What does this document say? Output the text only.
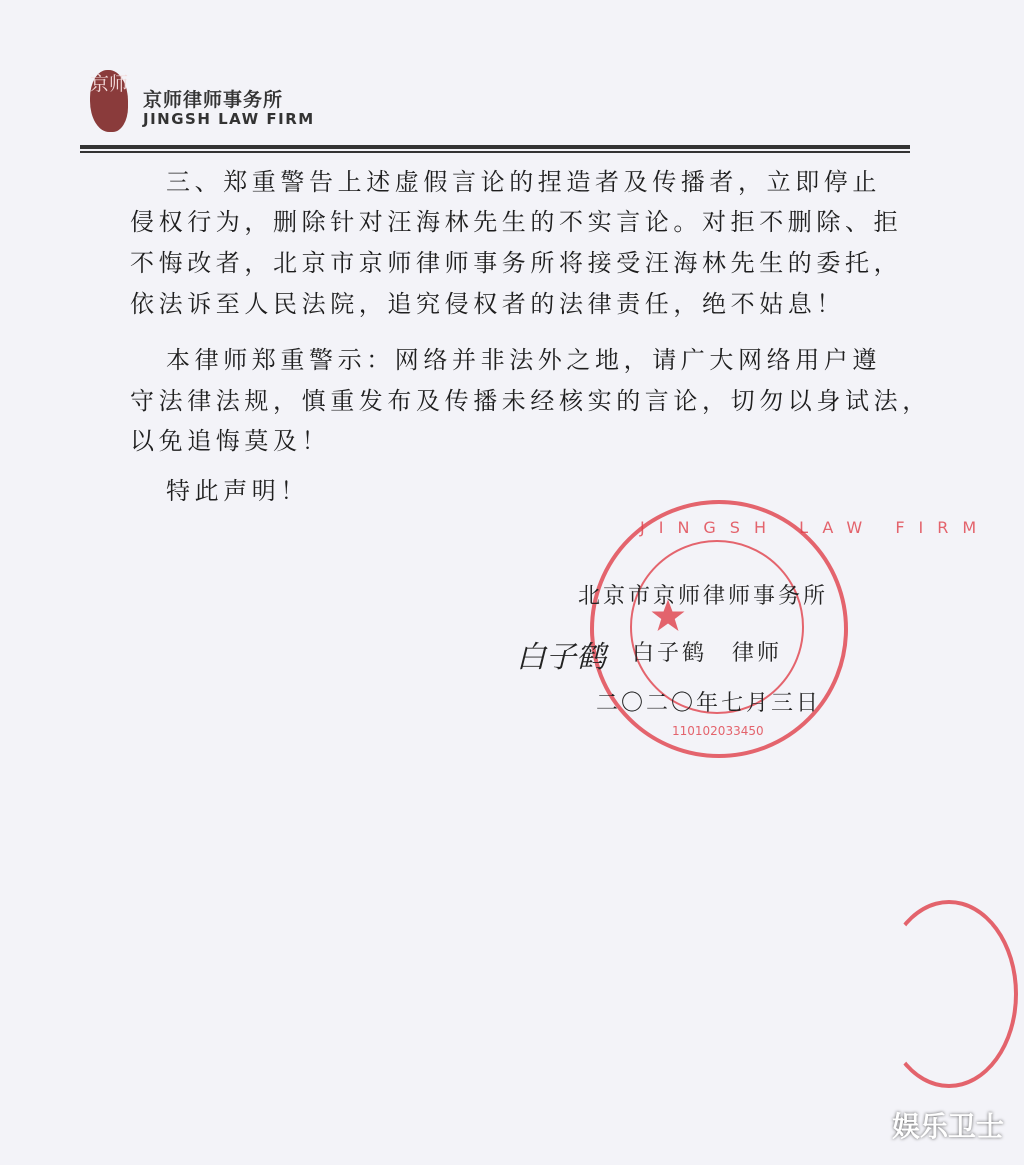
京师
京师律师事务所
JINGSH LAW FIRM
JINGSH LAW FIRM
110102033450
三、郑重警告上述虚假言论的捏造者及传播者，立即停止
侵权行为，删除针对汪海林先生的不实言论。对拒不删除、拒
不悔改者，北京市京师律师事务所将接受汪海林先生的委托，
依法诉至人民法院，追究侵权者的法律责任，绝不姑息！
本律师郑重警示：网络并非法外之地，请广大网络用户遵
守法律法规，慎重发布及传播未经核实的言论，切勿以身试法，
以免追悔莫及！
特此声明！
北京市京师律师事务所
白子鹤 白子鹤　律师
二〇二〇年七月三日
娱乐卫士
